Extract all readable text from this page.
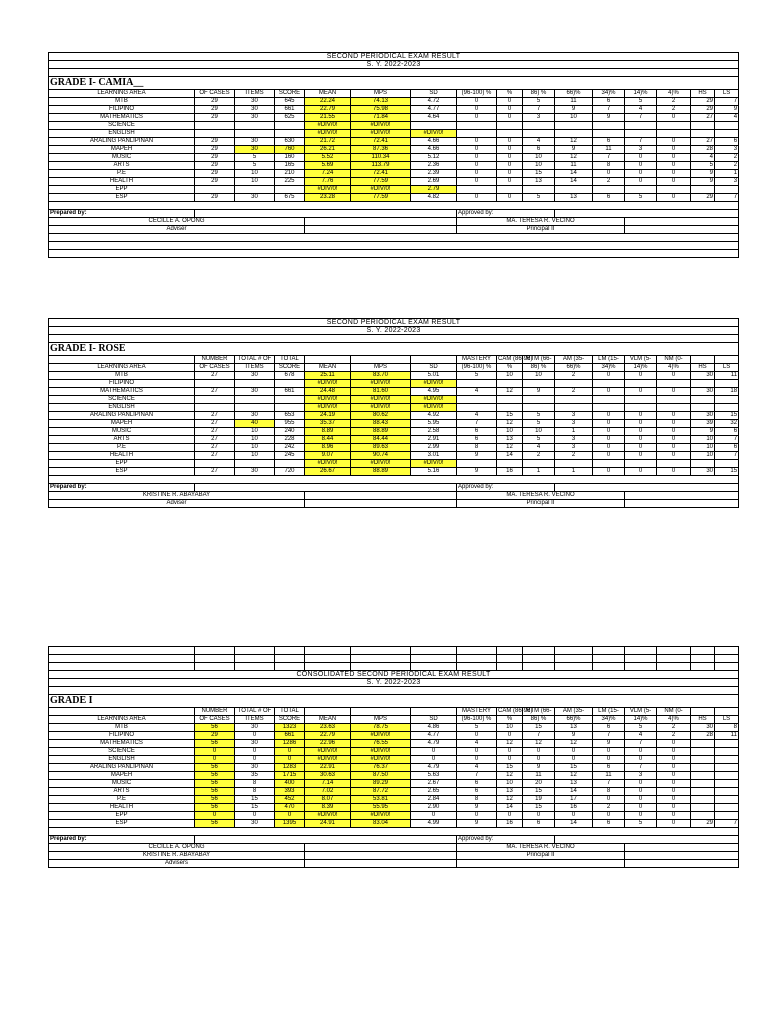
SECOND PERIODICAL EXAM RESULT															
S. Y. 2022-2023															

GRADE I- CAMIA__															
LEARNING AREA	OF CASES	ITEMS	SCORE	MEAN	MPS	SD	(96-100) %	%	86) %	66)%	34)%	14)%	4)%	HS	LS
MTB	29	30	645	22.24	74.13	4.72	0	0	5	11	6	5	2	29	7
FILIPINO	29	30	661	22.79	75.98	4.77	0	0	7	9	7	4	2	29	9
MATHEMATICS	29	30	625	21.55	71.84	4.64	0	0	3	10	9	7	0	27	4
SCIENCE				#DIV/0!	#DIV/0!										
ENGLISH				#DIV/0!	#DIV/0!	#DIV/0!									
ARALING PANLIPINAN	29	30	630	21.72	72.41	4.66	0	0	4	12	6	7	0	27	6
MAPEH	29	30	760	26.21	87.36	4.66	0	0	6	9	11	3	0	28	3
MUSIC	29	5	160	5.52	110.34	5.12	0	0	10	12	7	0	0	4	2
ARTS	29	5	165	5.69	113.79	2.36	0	0	10	11	8	0	0	5	2
P.E	29	10	210	7.24	72.41	2.39	0	0	15	14	0	0	0	9	1
HEALTH	29	10	225	7.76	77.59	2.69	0	0	13	14	2	0	0	9	3
EPP				#DIV/0!	#DIV/0!	2.79									
ESP	29	30	675	23.28	77.59	4.82	0	0	5	13	6	5	0	29	7

Prepared by:							Approved by:								
CECILLE A. OPONG							MA. TERESA R. VECINO								
Adviser							Principal II								

SECOND PERIODICAL EXAM RESULT															
S. Y. 2022-2023															

GRADE I- ROSE															
	NUMBER	TOTAL # OF	TOTAL				MASTERY	CAM (86-96)	MTM (66-	AM (35-	LM (15-	VLM (5-	NM (0-		
LEARNING AREA	OF CASES	ITEMS	SCORE	MEAN	MPS	SD	(96-100) %	%	86) %	66)%	34)%	14)%	4)%	HS	LS
MTB	27	30	678	25.11	83.70	5.01	5	10	10	2	0	0	0	30	11
FILIPINO				#DIV/0!	#DIV/0!	#DIV/0!									
MATHEMATICS	27	30	661	24.48	81.60	4.95	4	12	9	2	0	0	0	30	18
SCIENCE				#DIV/0!	#DIV/0!	#DIV/0!									
ENGLISH				#DIV/0!	#DIV/0!	#DIV/0!									
ARALING PANLIPINAN	27	30	653	24.19	80.62	4.92	4	15	5	3	0	0	0	30	15
MAPEH	27	40	955	35.37	88.43	5.95	7	12	5	3	0	0	0	39	32
MUSIC	27	10	240	8.89	88.89	2.58	6	10	10	1	0	0	0	9	6
ARTS	27	10	228	8.44	84.44	2.91	6	13	5	3	0	0	0	10	7
P.E	27	10	242	8.96	89.63	2.99	8	12	4	3	0	0	0	10	6
HEALTH	27	10	245	9.07	90.74	3.01	9	14	2	2	0	0	0	10	7
EPP				#DIV/0!	#DIV/0!	#DIV/0!									
ESP	27	30	720	26.67	88.89	5.16	9	16	1	1	0	0	0	30	15

Prepared by:							Approved by:								
KRISTINE R. ABAYABAY							MA. TERESA R. VECINO								
Adviser							Principal II								

CONSOLIDATED SECOND PERIODICAL EXAM RESULT															
S. Y. 2022-2023															

GRADE I															
	NUMBER	TOTAL # OF	TOTAL				MASTERY	CAM (86-96)	MTM (66-	AM (35-	LM (15-	VLM (5-	NM (0-		
LEARNING AREA	OF CASES	ITEMS	SCORE	MEAN	MPS	SD	(96-100) %	%	86) %	66)%	34)%	14)%	4)%	HS	LS
MTB	56	30	1323	23.63	78.75	4.86	5	10	15	13	6	5	2	30	8
FILIPINO	29	0	661	22.79	#DIV/0!	4.77	0	0	7	9	7	4	2	28	11
MATHEMATICS	56	30	1286	22.96	76.55	4.79	4	12	12	12	9	7	0		
SCIENCE	0	0	0	#DIV/0!	#DIV/0!	0	0	0	0	0	0	0	0		
ENGLISH	0	0	0	#DIV/0!	#DIV/0!	0	0	0	0	0	0	0	0		
ARALING PANLIPINAN	56	30	1283	22.91	76.37	4.79	4	15	9	15	6	7	0		
MAPEH	56	35	1715	30.63	87.50	5.63	7	12	11	12	11	3	0		
MUSIC	56	8	400	7.14	89.29	2.67	6	10	20	13	7	0	0		
ARTS	56	8	393	7.02	87.72	2.65	6	13	15	14	8	0	0		
P.E	56	15	452	8.07	53.81	2.84	8	12	19	17	0	0	0		
HEALTH	56	15	470	8.39	55.95	2.90	9	14	15	16	2	0	0		
EPP	0	0	0	#DIV/0!	#DIV/0!	0	0	0	0	0	0	0	0		
ESP	56	30	1395	24.91	83.04	4.99	9	16	6	14	6	5	0	29	7

Prepared by:							Approved by:								
CECILLE A. OPONG							MA. TERESA R. VECINO								
KRISTINE R. ABAYABAY							Principal II								
Advisers															
